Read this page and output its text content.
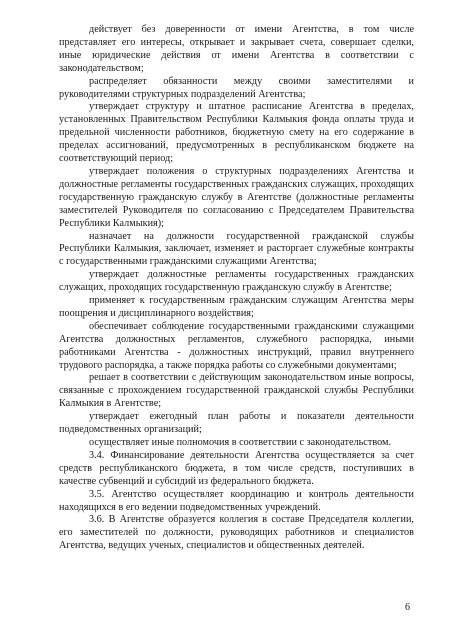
действует без доверенности от имени Агентства, в том числе представляет его интересы, открывает и закрывает счета, совершает сделки, иные юридические действия от имени Агентства в соответствии с законодательством;

распределяет обязанности между своими заместителями и руководителями структурных подразделений Агентства;

утверждает структуру и штатное расписание Агентства в пределах, установленных Правительством Республики Калмыкия фонда оплаты труда и предельной численности работников, бюджетную смету на его содержание в пределах ассигнований, предусмотренных в республиканском бюджете на соответствующий период;

утверждает положения о структурных подразделениях Агентства и должностные регламенты государственных гражданских служащих, проходящих государственную гражданскую службу в Агентстве (должностные регламенты заместителей Руководителя по согласованию с Председателем Правительства Республики Калмыкия);

назначает на должности государственной гражданской службы Республики Калмыкия, заключает, изменяет и расторгает служебные контракты с государственными гражданскими служащими Агентства;

утверждает должностные регламенты государственных гражданских служащих, проходящих государственную гражданскую службу в Агентстве;

применяет к государственным гражданским служащим Агентства меры поощрения и дисциплинарного воздействия;

обеспечивает соблюдение государственными гражданскими служащими Агентства должностных регламентов, служебного распорядка, иными работниками Агентства - должностных инструкций, правил внутреннего трудового распорядка, а также порядка работы со служебными документами;

решает в соответствии с действующим законодательством иные вопросы, связанные с прохождением государственной гражданской службы Республики Калмыкия в Агентстве;

утверждает ежегодный план работы и показатели деятельности подведомственных организаций;

осуществляет иные полномочия в соответствии с законодательством.

3.4. Финансирование деятельности Агентства осуществляется за счет средств республиканского бюджета, в том числе средств, поступивших в качестве субвенций и субсидий из федерального бюджета.

3.5. Агентство осуществляет координацию и контроль деятельности находящихся в его ведении подведомственных учреждений.

3.6. В Агентстве образуется коллегия в составе Председателя коллегии, его заместителей по должности, руководящих работников и специалистов Агентства, ведущих ученых, специалистов и общественных деятелей.

6
